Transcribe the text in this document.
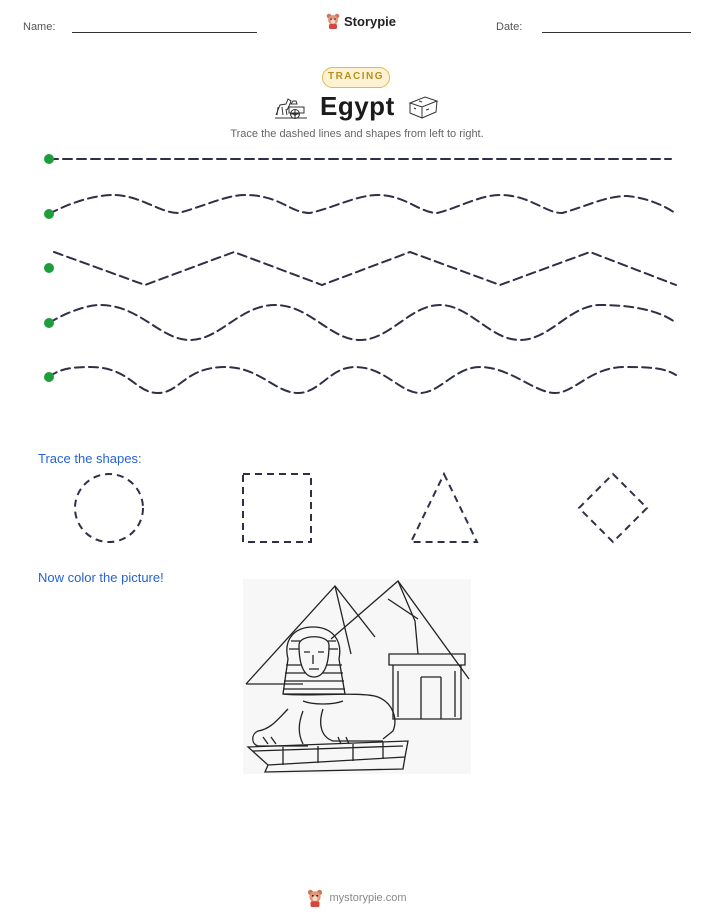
Name:	Storypie	Date:
TRACING
Egypt
Trace the dashed lines and shapes from left to right.
Trace the shapes:
Now color the picture!
mystorypie.com
